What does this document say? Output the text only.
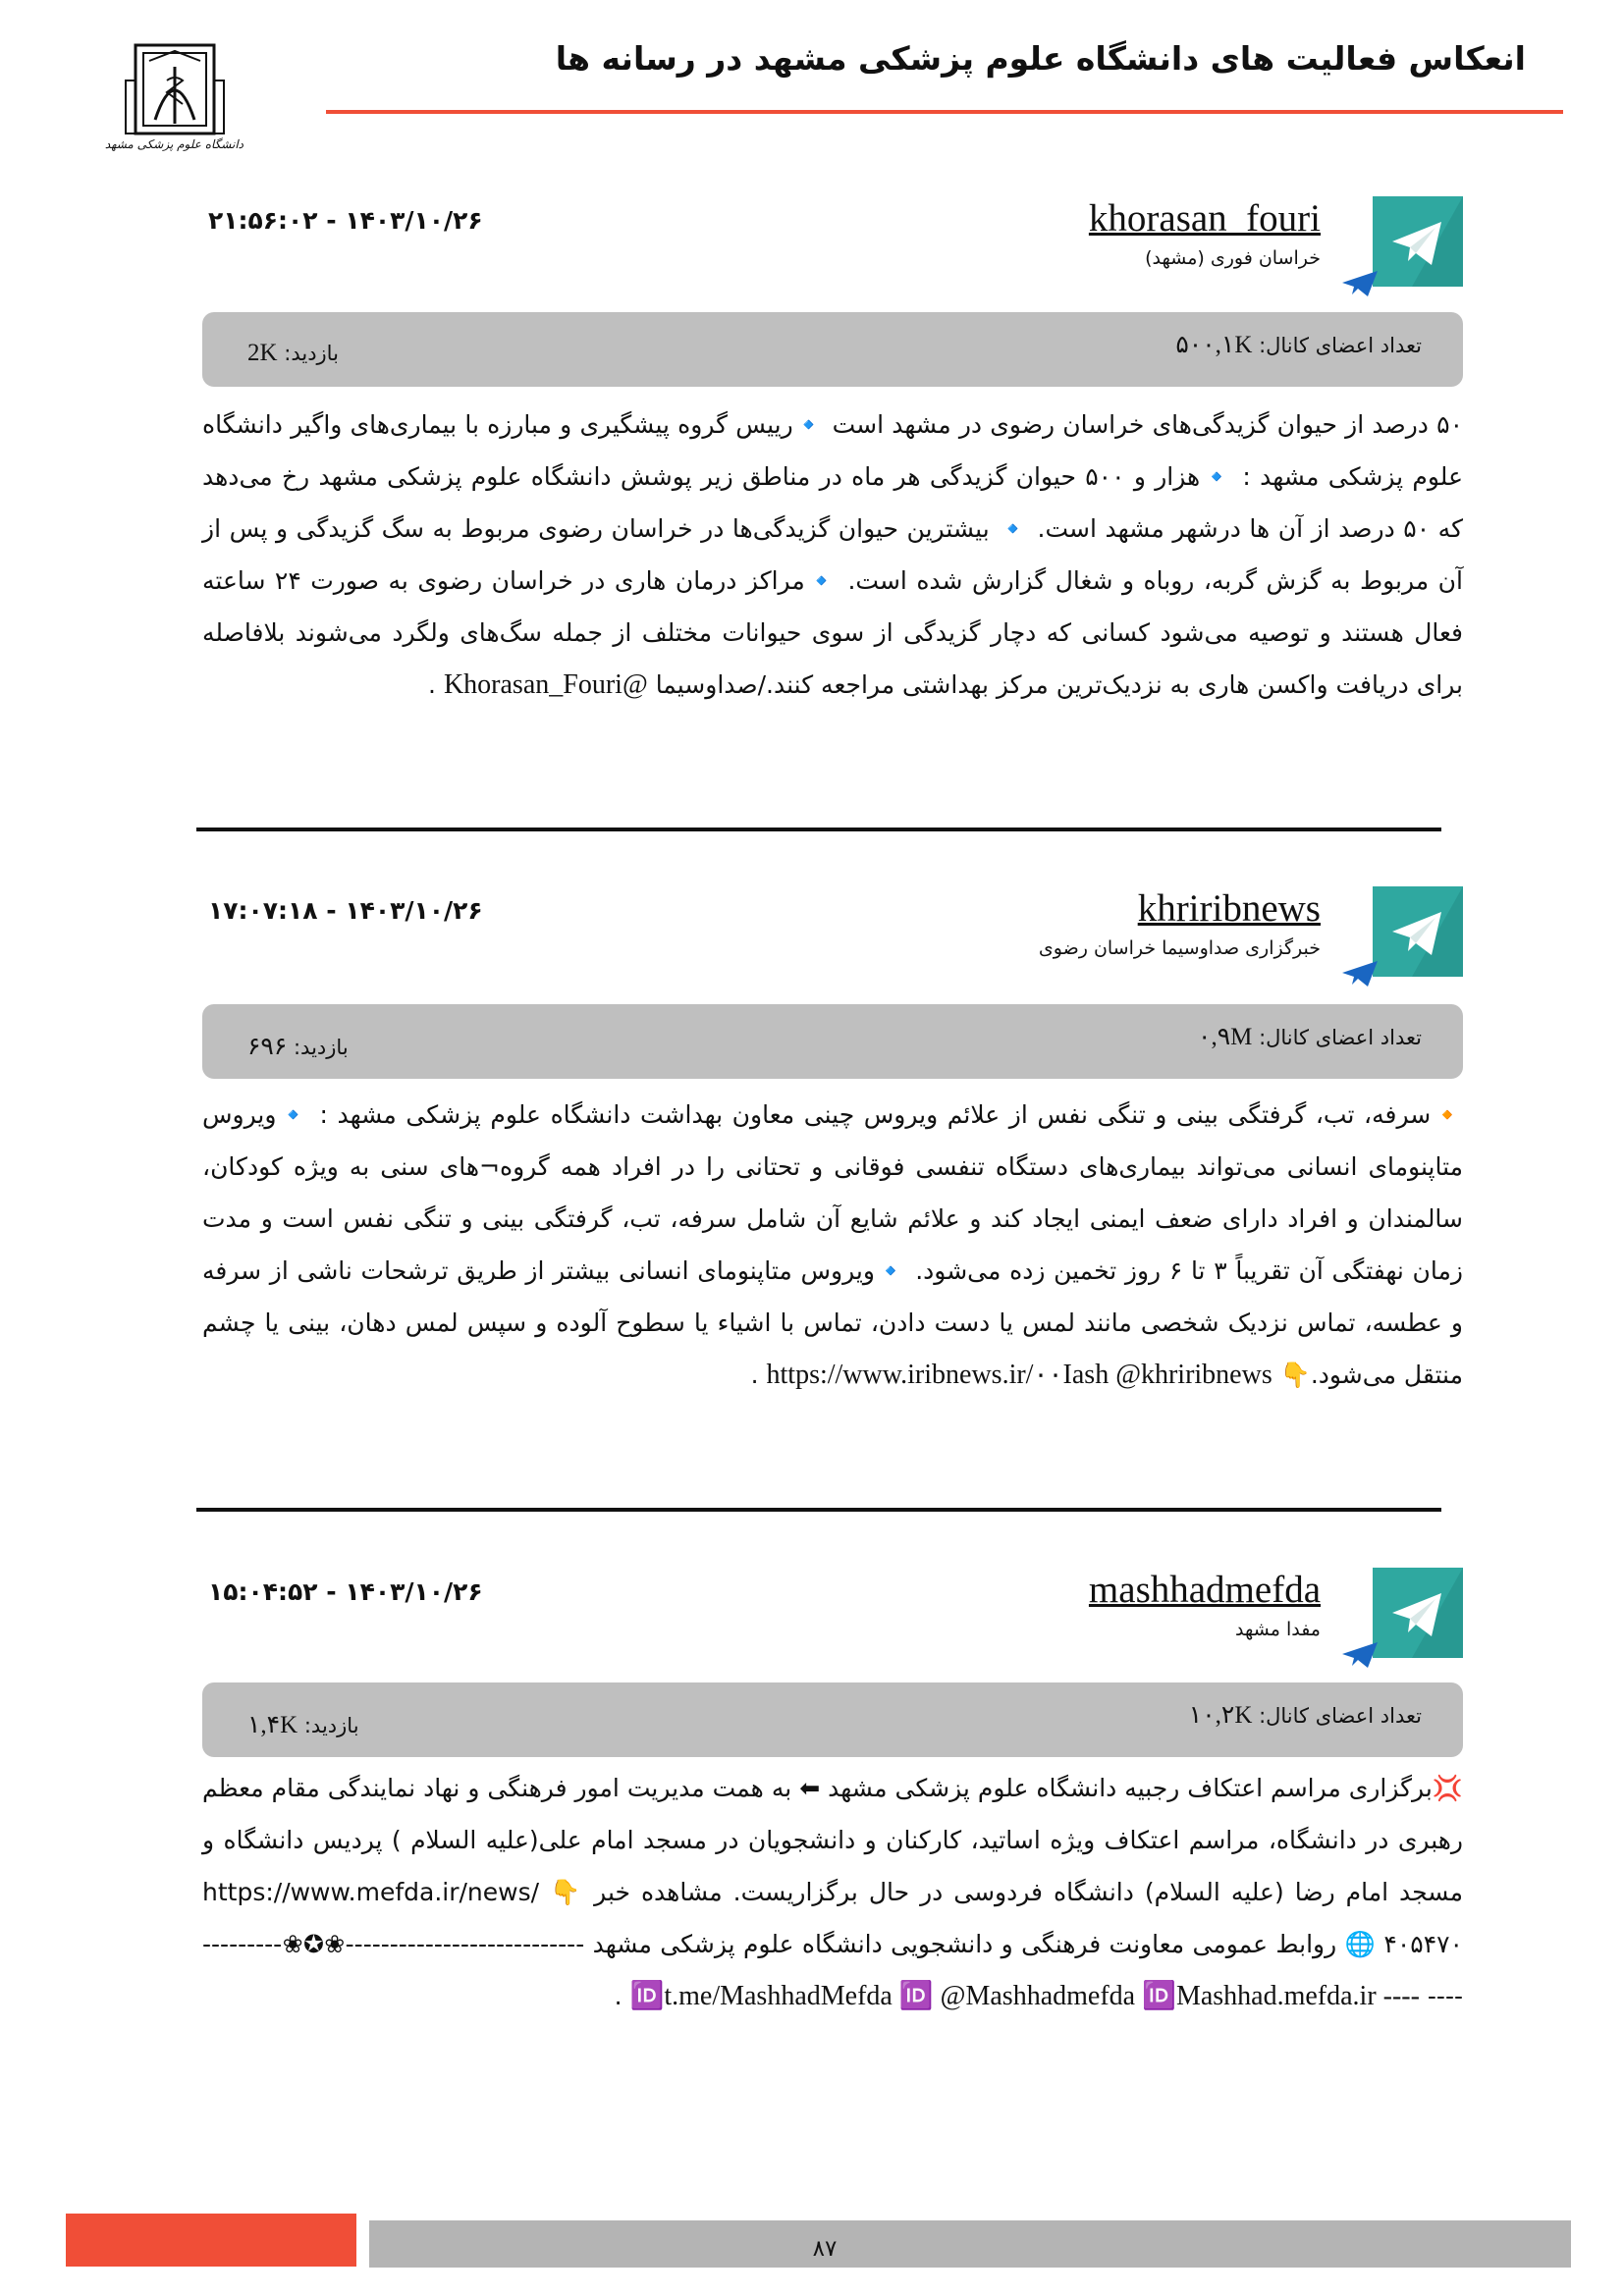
انعکاس فعالیت های دانشگاه علوم پزشکی مشهد در رسانه ها
دانشگاه علوم پزشکی مشهد
khorasan_fouri
خراسان فوری (مشهد)
۲۱:۵۶:۰۲ - ۱۴۰۳/۱۰/۲۶
تعداد اعضای کانال: ۵۰۰,۱K
بازدید: 2K
۵۰ درصد از حیوان گزیدگی‌های خراسان رضوی در مشهد است 🔹رییس گروه پیشگیری و مبارزه با بیماری‌های واگیر دانشگاه علوم پزشکی مشهد : 🔹هزار و ۵۰۰ حیوان گزیدگی هر ماه در مناطق زیر پوشش دانشگاه علوم پزشکی مشهد رخ می‌دهد که ۵۰ درصد از آن ها درشهر مشهد است. 🔹 بیشترین حیوان گزیدگی‌ها در خراسان رضوی مربوط به سگ گزیدگی و پس از آن مربوط به گزش گربه، روباه و شغال گزارش شده است. 🔹مراکز درمان هاری در خراسان رضوی به صورت ۲۴ ساعته فعال هستند و توصیه می‌شود کسانی که دچار گزیدگی از سوی حیوانات مختلف از جمله سگ‌های ولگرد می‌شوند بلافاصله برای دریافت واکسن هاری به نزدیک‌ترین مرکز بهداشتی مراجعه کنند./صداوسیما @Khorasan_Fouri .
khriribnews
خبرگزاری صداوسیما خراسان رضوی
۱۷:۰۷:۱۸ - ۱۴۰۳/۱۰/۲۶
تعداد اعضای کانال: ۰,۹M
بازدید: ۶۹۶
🔸سرفه، تب، گرفتگی بینی و تنگی نفس از علائم ویروس چینی معاون بهداشت دانشگاه علوم پزشکی مشهد : 🔹ویروس متاپنومای انسانی می‌تواند بیماری‌های دستگاه تنفسی فوقانی و تحتانی را در افراد همه گروه¬های سنی به ویژه کودکان، سالمندان و افراد دارای ضعف ایمنی ایجاد کند و علائم شایع آن شامل سرفه، تب، گرفتگی بینی و تنگی نفس است و مدت زمان نهفتگی آن تقریباً ۳ تا ۶ روز تخمین زده می‌شود. 🔹ویروس متاپنومای انسانی بیشتر از طریق ترشحات ناشی از سرفه و عطسه، تماس نزدیک شخصی مانند لمس یا دست دادن، تماس با اشیاء یا سطوح آلوده و سپس لمس دهان، بینی یا چشم منتقل می‌شود.👇 https://www.iribnews.ir/۰۰Iash @khriribnews .
mashhadmefda
مفدا مشهد
۱۵:۰۴:۵۲ - ۱۴۰۳/۱۰/۲۶
تعداد اعضای کانال: ۱۰,۲K
بازدید: ۱,۴K
💢برگزاری مراسم اعتکاف رجبیه دانشگاه علوم پزشکی مشهد ⬅ به همت مدیریت امور فرهنگی و نهاد نمایندگی مقام معظم رهبری در دانشگاه، مراسم اعتکاف ویژه اساتید، کارکنان و دانشجویان در مسجد امام علی(علیه السلام ) پردیس دانشگاه و مسجد امام رضا (علیه السلام) دانشگاه فردوسی در حال برگزاریست. مشاهده خبر 👇 https://www.mefda.ir/news/۴۰۵۴۷۰ 🌐 روابط عمومی معاونت فرهنگی و دانشجویی دانشگاه علوم پزشکی مشهد ---------------------------❀✪❀------------- ---- 🆔t.me/MashhadMefda 🆔 @Mashhadmefda 🆔Mashhad.mefda.ir .
۸۷
